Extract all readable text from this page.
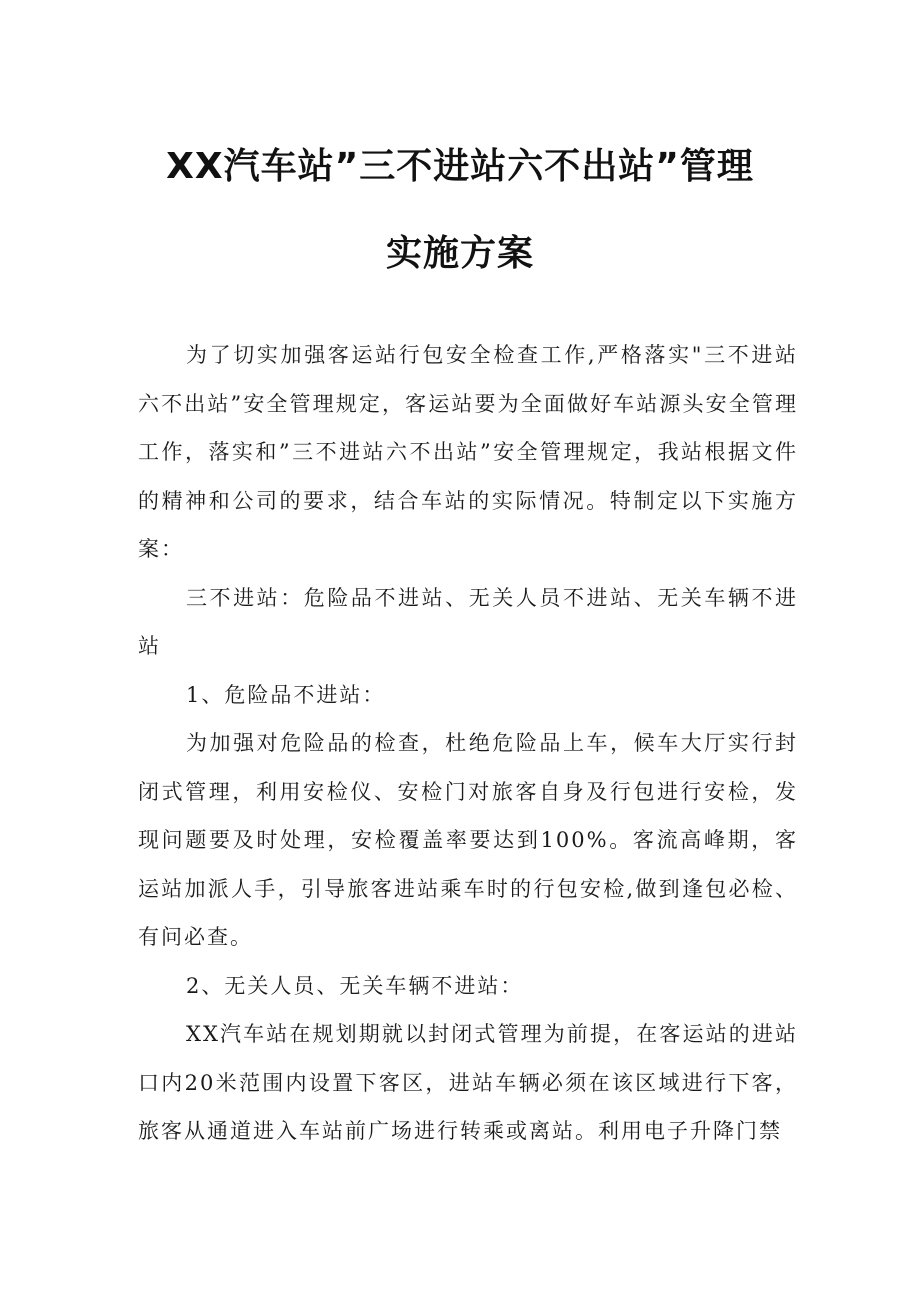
XX汽车站”三不进站六不出站”管理
实施方案

为了切实加强客运站行包安全检查工作,严格落实"三不进站六不出站”安全管理规定，客运站要为全面做好车站源头安全管理工作，落实和”三不进站六不出站”安全管理规定，我站根据文件的精神和公司的要求，结合车站的实际情况。特制定以下实施方案：

三不进站：危险品不进站、无关人员不进站、无关车辆不进站

1、危险品不进站：

为加强对危险品的检查，杜绝危险品上车，候车大厅实行封闭式管理，利用安检仪、安检门对旅客自身及行包进行安检，发现问题要及时处理，安检覆盖率要达到100%。客流高峰期，客运站加派人手，引导旅客进站乘车时的行包安检,做到逢包必检、有问必查。

2、无关人员、无关车辆不进站：

XX汽车站在规划期就以封闭式管理为前提，在客运站的进站口内20米范围内设置下客区，进站车辆必须在该区域进行下客，旅客从通道进入车站前广场进行转乘或离站。利用电子升降门禁
